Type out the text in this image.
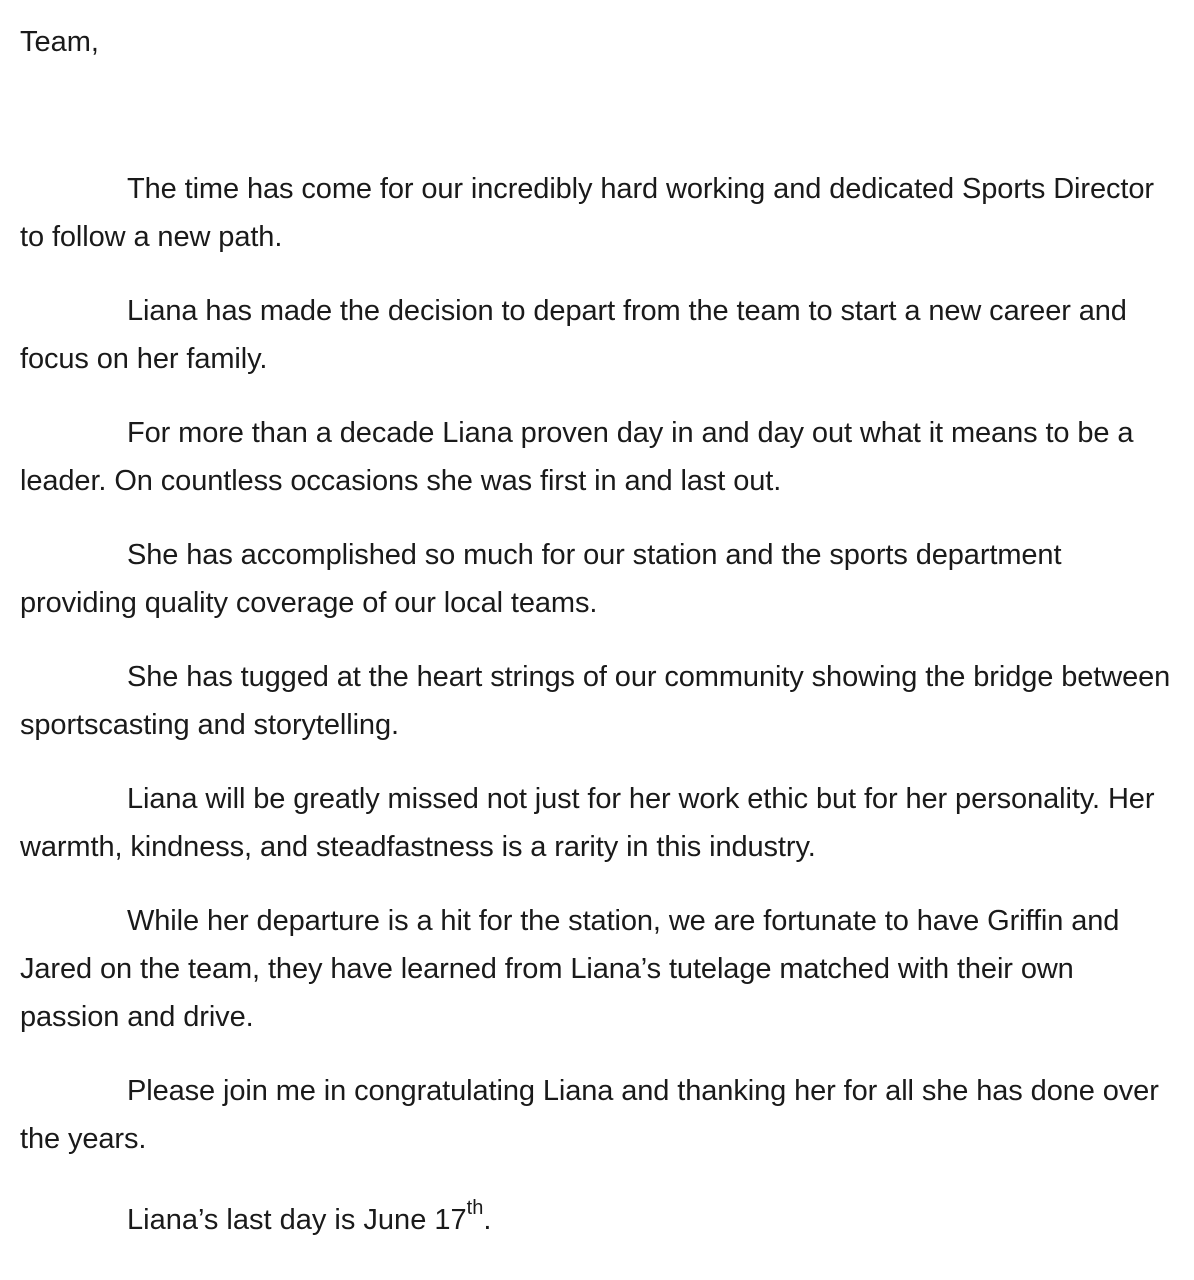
Team,

The time has come for our incredibly hard working and dedicated Sports Director to follow a new path.

Liana has made the decision to depart from the team to start a new career and focus on her family.

For more than a decade Liana proven day in and day out what it means to be a leader. On countless occasions she was first in and last out.

She has accomplished so much for our station and the sports department providing quality coverage of our local teams.

She has tugged at the heart strings of our community showing the bridge between sportscasting and storytelling.

Liana will be greatly missed not just for her work ethic but for her personality. Her warmth, kindness, and steadfastness is a rarity in this industry.

While her departure is a hit for the station, we are fortunate to have Griffin and Jared on the team, they have learned from Liana’s tutelage matched with their own passion and drive.

Please join me in congratulating Liana and thanking her for all she has done over the years.

Liana’s last day is June 17th.
